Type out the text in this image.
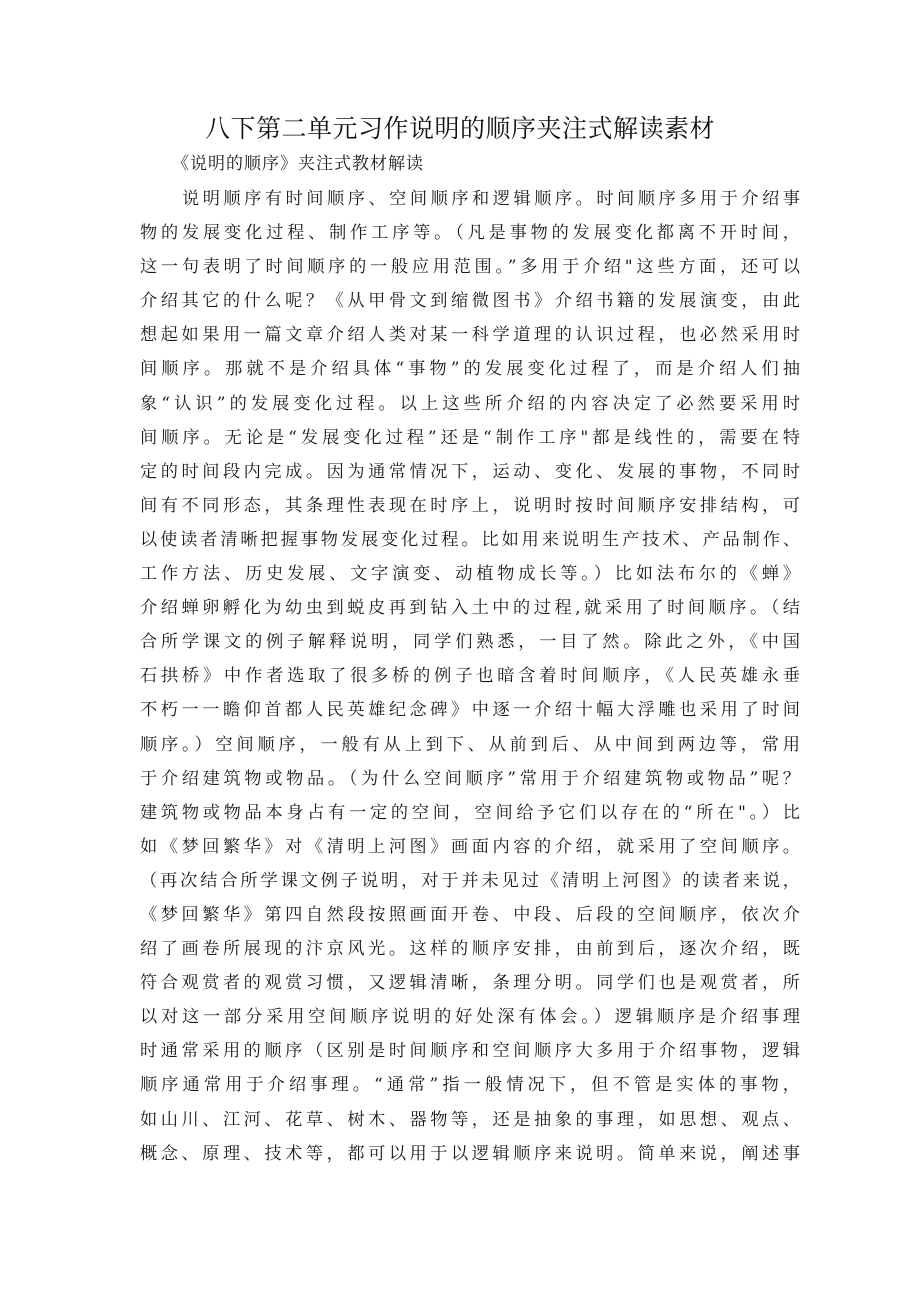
八下第二单元习作说明的顺序夹注式解读素材

《说明的顺序》夹注式教材解读

说明顺序有时间顺序、空间顺序和逻辑顺序。时间顺序多用于介绍事
物的发展变化过程、制作工序等。（凡是事物的发展变化都离不开时间，
这一句表明了时间顺序的一般应用范围。”多用于介绍"这些方面，还可以
介绍其它的什么呢？《从甲骨文到缩微图书》介绍书籍的发展演变，由此
想起如果用一篇文章介绍人类对某一科学道理的认识过程，也必然采用时
间顺序。那就不是介绍具体“事物”的发展变化过程了，而是介绍人们抽
象“认识”的发展变化过程。以上这些所介绍的内容决定了必然要采用时
间顺序。无论是“发展变化过程”还是“制作工序"都是线性的，需要在特
定的时间段内完成。因为通常情况下，运动、变化、发展的事物，不同时
间有不同形态，其条理性表现在时序上，说明时按时间顺序安排结构，可
以使读者清晰把握事物发展变化过程。比如用来说明生产技术、产品制作、
工作方法、历史发展、文字演变、动植物成长等。）比如法布尔的《蝉》
介绍蝉卵孵化为幼虫到蜕皮再到钻入土中的过程,就采用了时间顺序。（结
合所学课文的例子解释说明，同学们熟悉，一目了然。除此之外，《中国
石拱桥》中作者选取了很多桥的例子也暗含着时间顺序，《人民英雄永垂
不朽一一瞻仰首都人民英雄纪念碑》中逐一介绍十幅大浮雕也采用了时间
顺序。）空间顺序，一般有从上到下、从前到后、从中间到两边等，常用
于介绍建筑物或物品。（为什么空间顺序”常用于介绍建筑物或物品”呢？
建筑物或物品本身占有一定的空间，空间给予它们以存在的“所在"。）比
如《梦回繁华》对《清明上河图》画面内容的介绍，就采用了空间顺序。
（再次结合所学课文例子说明，对于并未见过《清明上河图》的读者来说，
《梦回繁华》第四自然段按照画面开卷、中段、后段的空间顺序，依次介
绍了画卷所展现的汴京风光。这样的顺序安排，由前到后，逐次介绍，既
符合观赏者的观赏习惯，又逻辑清晰，条理分明。同学们也是观赏者，所
以对这一部分采用空间顺序说明的好处深有体会。）逻辑顺序是介绍事理
时通常采用的顺序（区别是时间顺序和空间顺序大多用于介绍事物，逻辑
顺序通常用于介绍事理。“通常”指一般情况下，但不管是实体的事物，
如山川、江河、花草、树木、器物等，还是抽象的事理，如思想、观点、
概念、原理、技术等，都可以用于以逻辑顺序来说明。简单来说，阐述事
